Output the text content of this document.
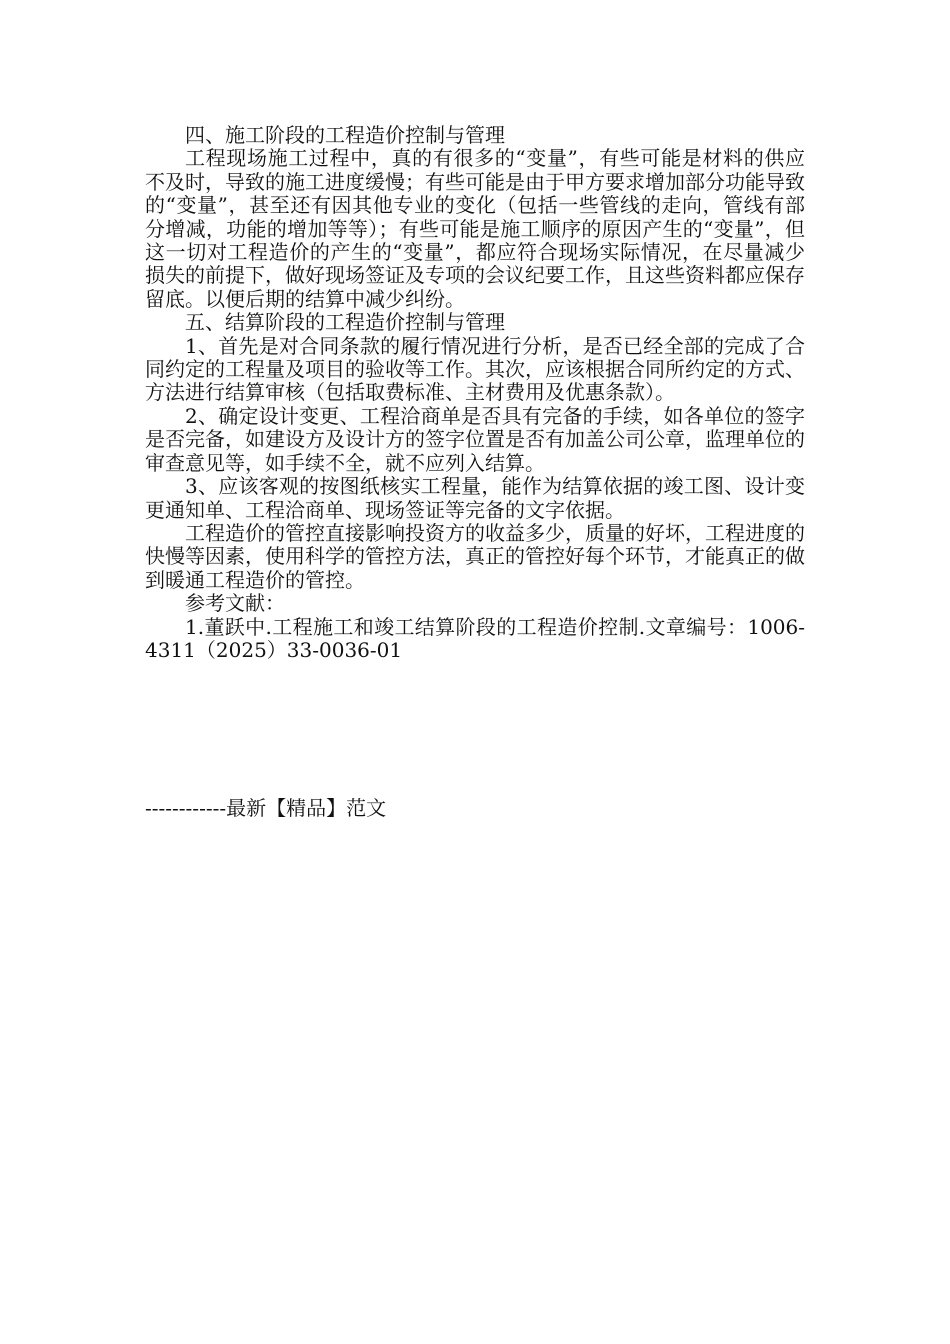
四、施工阶段的工程造价控制与管理

工程现场施工过程中，真的有很多的“变量”，有些可能是材料的供应不及时，导致的施工进度缓慢；有些可能是由于甲方要求增加部分功能导致的“变量”，甚至还有因其他专业的变化（包括一些管线的走向，管线有部分增减，功能的增加等等）；有些可能是施工顺序的原因产生的“变量”，但这一切对工程造价的产生的“变量”，都应符合现场实际情况，在尽量减少损失的前提下，做好现场签证及专项的会议纪要工作，且这些资料都应保存留底。以便后期的结算中减少纠纷。

五、结算阶段的工程造价控制与管理

1、首先是对合同条款的履行情况进行分析，是否已经全部的完成了合同约定的工程量及项目的验收等工作。其次，应该根据合同所约定的方式、方法进行结算审核（包括取费标准、主材费用及优惠条款）。

2、确定设计变更、工程洽商单是否具有完备的手续，如各单位的签字是否完备，如建设方及设计方的签字位置是否有加盖公司公章，监理单位的审查意见等，如手续不全，就不应列入结算。

3、应该客观的按图纸核实工程量，能作为结算依据的竣工图、设计变更通知单、工程洽商单、现场签证等完备的文字依据。

工程造价的管控直接影响投资方的收益多少，质量的好坏，工程进度的快慢等因素，使用科学的管控方法，真正的管控好每个环节，才能真正的做到暖通工程造价的管控。

参考文献：

1.董跃中.工程施工和竣工结算阶段的工程造价控制.文章编号：1006-4311（2025）33-0036-01

------------最新【精品】范文
